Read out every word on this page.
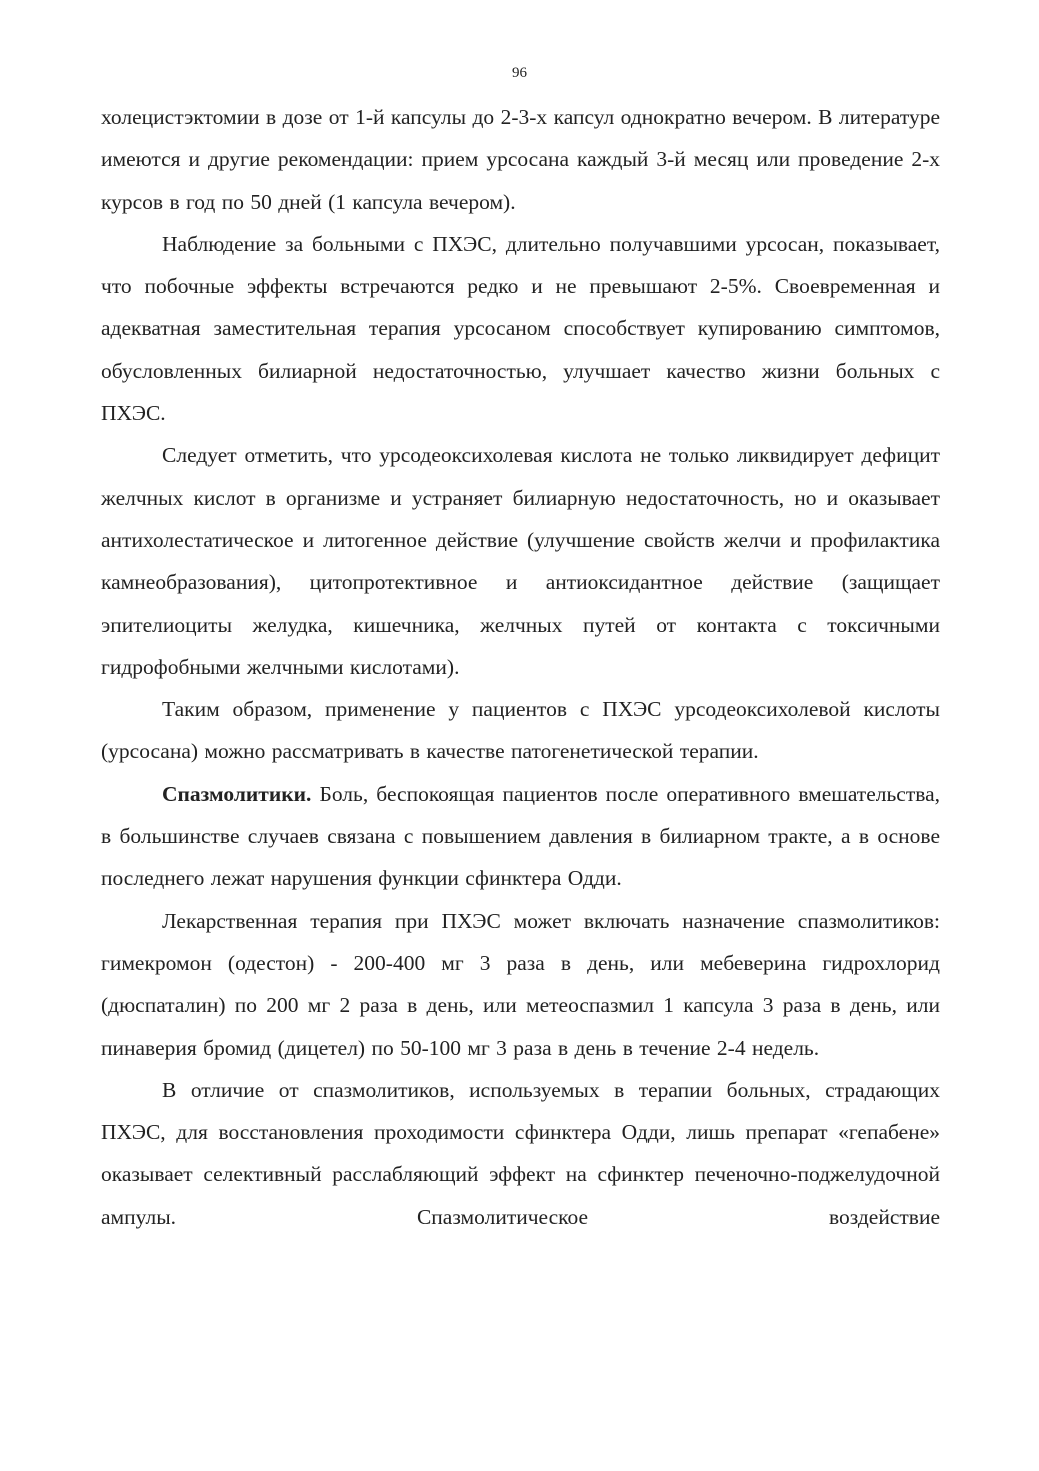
96

холецистэктомии в дозе от 1-й капсулы до 2-3-х капсул однократно вечером. В литературе имеются и другие рекомендации: прием урсосана каждый 3-й месяц или проведение 2-х курсов в год по 50 дней (1 капсула вечером).

Наблюдение за больными с ПХЭС, длительно получавшими урсосан, показывает, что побочные эффекты встречаются редко и не превышают 2-5%. Своевременная и адекватная заместительная терапия урсосаном способствует купированию симптомов, обусловленных билиарной недостаточностью, улучшает качество жизни больных с ПХЭС.

Следует отметить, что урсодеоксихолевая кислота не только ликвидирует дефицит желчных кислот в организме и устраняет билиарную недостаточность, но и оказывает антихолестатическое и литогенное действие (улучшение свойств желчи и профилактика камнеобразования), цитопротективное и антиоксидантное действие (защищает эпителиоциты желудка, кишечника, желчных путей от контакта с токсичными гидрофобными желчными кислотами).

Таким образом, применение у пациентов с ПХЭС урсодеоксихолевой кислоты (урсосана) можно рассматривать в качестве патогенетической терапии.

Спазмолитики. Боль, беспокоящая пациентов после оперативного вмешательства, в большинстве случаев связана с повышением давления в билиарном тракте, а в основе последнего лежат нарушения функции сфинктера Одди.

Лекарственная терапия при ПХЭС может включать назначение спазмолитиков: гимекромон (одестон) - 200-400 мг 3 раза в день, или мебеверина гидрохлорид (дюспаталин) по 200 мг 2 раза в день, или метеоспазмил 1 капсула 3 раза в день, или пинаверия бромид (дицетел) по 50-100 мг 3 раза в день в течение 2-4 недель.

В отличие от спазмолитиков, используемых в терапии больных, страдающих ПХЭС, для восстановления проходимости сфинктера Одди, лишь препарат «гепабене» оказывает селективный расслабляющий эффект на сфинктер печеночно-поджелудочной ампулы. Спазмолитическое воздействие
